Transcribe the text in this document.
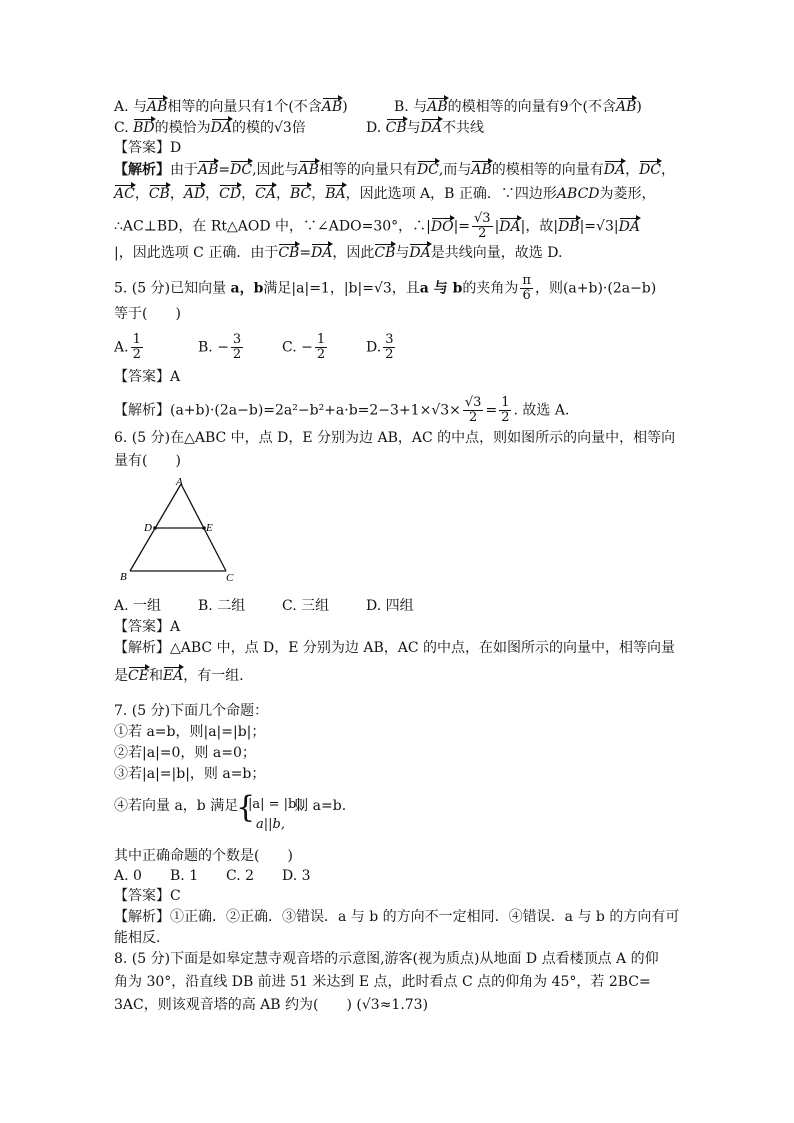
A. 与AB相等的向量只有1个(不含AB)	B. 与AB的模相等的向量有9个(不含AB)
C. BD的模恰为DA的模的√3倍	D. CB与DA不共线
【答案】D
【解析】由于AB=DC,因此与AB相等的向量只有DC,而与AB的模相等的向量有DA，DC，
AC，CB，AD，CD，CA，BC，BA，因此选项 A，B 正确．∵四边形ABCD为菱形，
∴AC⊥BD，在 Rt△AOD 中，∵∠ADO=30°，∴|DO|= $\frac{√3}{2} |DA|$，故|DB|=√3|DA
|，因此选项 C 正确．由于CB=DA，因此CB与DA是共线向量，故选 D.
5. (5 分)已知向量 a，b满足|a|=1，|b|=√3，且a 与 b的夹角为 $\frac{\pi}{6}$ ，则(a+b)·(2a−b)
等于(　　)
A. $\frac{1}{2}$	B. − $\frac{3}{2}$	C. − $\frac{1}{2}$	D. $\frac{3}{2}$
【答案】A
【解析】$(a+b)\cdot(2a-b)=2a^2-b^2+a\cdot b=2-3+1\times√3\times \frac{√3}{2} = \frac{1}{2}$ . 故选 A.
6. (5 分)在△ABC 中，点 D，E 分别为边 AB，AC 的中点，则如图所示的向量中，相等向
量有(　　)
A
D	E
B	C
A. 一组	B. 二组	C. 三组	D. 四组
【答案】A
【解析】△ABC 中，点 D，E 分别为边 AB，AC 的中点，在如图所示的向量中，相等向量
是CE和EA，有一组．
7. (5 分)下面几个命题：
①若 a=b，则|a|=|b|；
②若|a|=0，则 a=0；
③若|a|=|b|，则 a=b；
④若向量 a，b 满足	则 a=b.
{
|a| = |b|,
a||b,
其中正确命题的个数是(　　)
A. 0 B. 1 C. 2 D. 3
【答案】C
【解析】①正确．②正确．③错误．a 与 b 的方向不一定相同．④错误．a 与 b 的方向有可
能相反．
8. (5 分)下面是如皋定慧寺观音塔的示意图,游客(视为质点)从地面 D 点看楼顶点 A 的仰
角为 30°，沿直线 DB 前进 51 米达到 E 点，此时看点 C 点的仰角为 45°，若 2BC=
3AC，则该观音塔的高 AB 约为(　　) (√3≈1.73)
